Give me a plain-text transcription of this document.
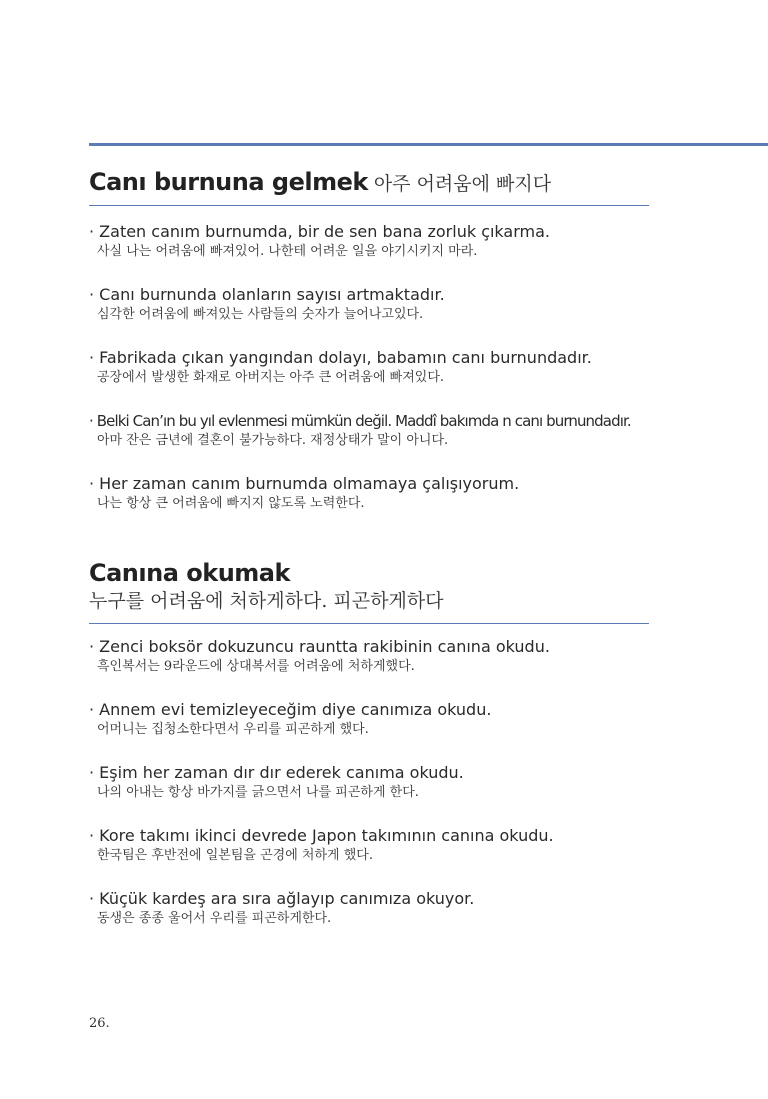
Canı burnuna gelmek 아주 어려움에 빠지다
· Zaten canım burnumda, bir de sen bana zorluk çıkarma.
사실 나는 어려움에 빠져있어. 나한테 어려운 일을 야기시키지 마라.
· Canı burnunda olanların sayısı artmaktadır.
심각한 어려움에 빠져있는 사람들의 숫자가 늘어나고있다.
· Fabrikada çıkan yangından dolayı, babamın canı burnundadır.
공장에서 발생한 화재로 아버지는 아주 큰 어려움에 빠져있다.
· Belki Can’ın bu yıl evlenmesi mümkün değil. Maddî bakımda n canı burnundadır.
아마 잔은 금년에 결혼이 불가능하다. 재정상태가 말이 아니다.
· Her zaman canım burnumda olmamaya çalışıyorum.
나는 항상 큰 어려움에 빠지지 않도록 노력한다.
Canına okumak
누구를 어려움에 처하게하다. 피곤하게하다
· Zenci boksör dokuzuncu rauntta rakibinin canına okudu.
흑인복서는 9라운드에 상대복서를 어려움에 처하게했다.
· Annem evi temizleyeceğim diye canımıza okudu.
어머니는 집청소한다면서 우리를 피곤하게 했다.
· Eşim her zaman dır dır ederek canıma okudu.
나의 아내는 항상 바가지를 긁으면서 나를 피곤하게 한다.
· Kore takımı ikinci devrede Japon takımının canına okudu.
한국팀은 후반전에 일본팀을 곤경에 처하게 했다.
· Küçük kardeş ara sıra ağlayıp canımıza okuyor.
동생은 종종 울어서 우리를 피곤하게한다.
26.
